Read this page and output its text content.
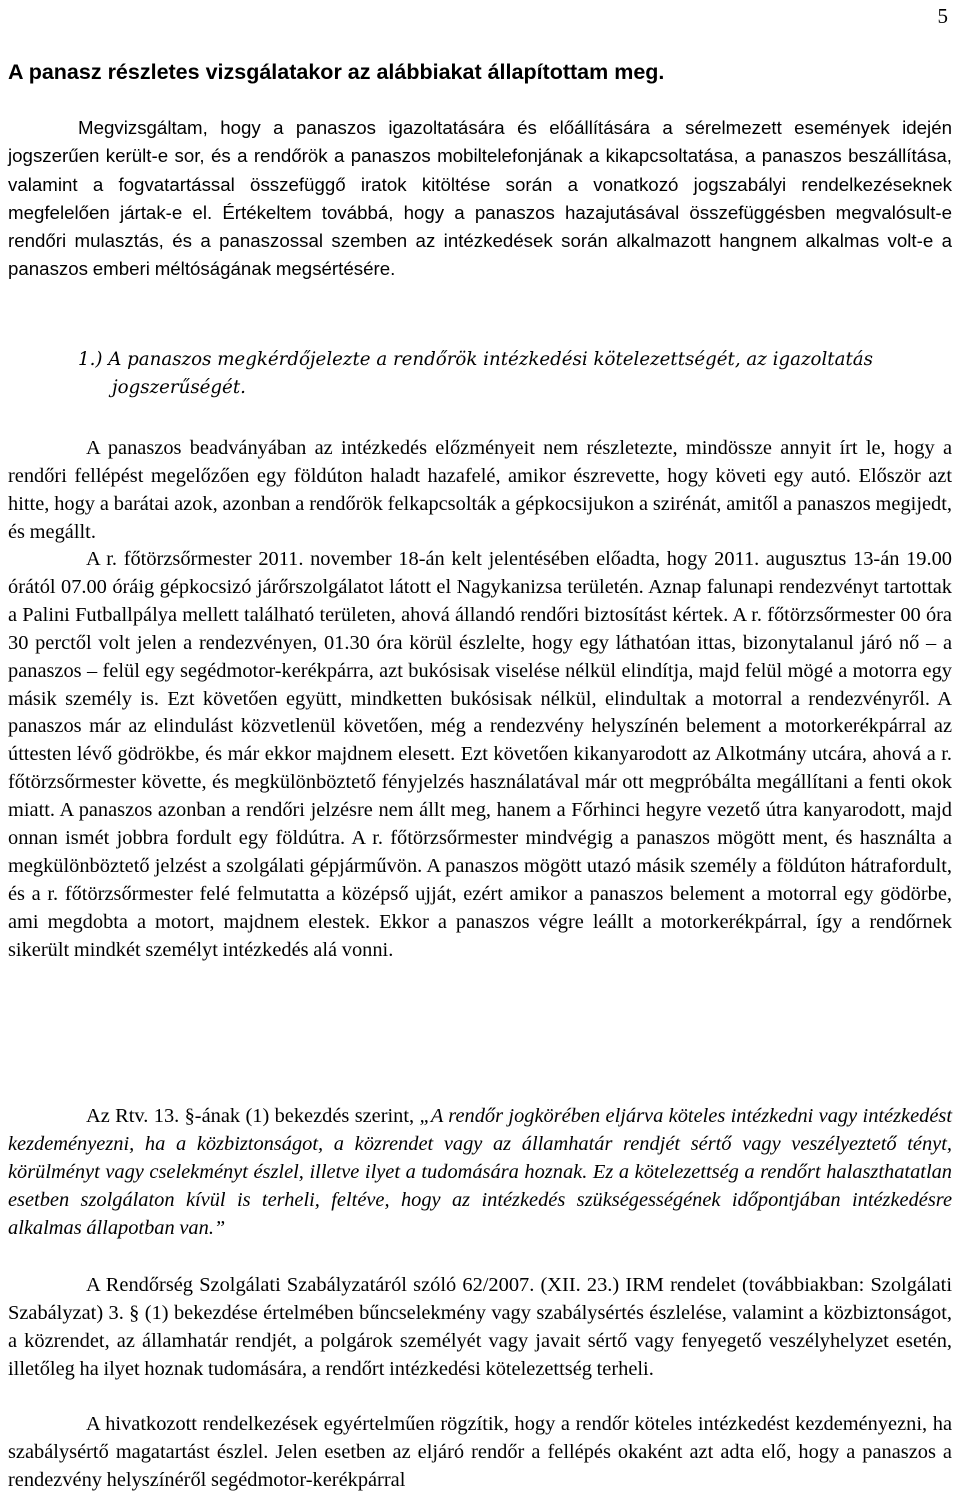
5
A panasz részletes vizsgálatakor az alábbiakat állapítottam meg.

Megvizsgáltam, hogy a panaszos igazoltatására és előállítására a sérelmezett események idején jogszerűen került-e sor, és a rendőrök a panaszos mobiltelefonjának a kikapcsoltatása, a panaszos beszállítása, valamint a fogvatartással összefüggő iratok kitöltése során a vonatkozó jogszabályi rendelkezéseknek megfelelően jártak-e el. Értékeltem továbbá, hogy a panaszos hazajutásával összefüggésben megvalósult-e rendőri mulasztás, és a panaszossal szemben az intézkedések során alkalmazott hangnem alkalmas volt-e a panaszos emberi méltóságának megsértésére.

1.) A panaszos megkérdőjelezte a rendőrök intézkedési kötelezettségét, az igazoltatás
jogszerűségét.

A panaszos beadványában az intézkedés előzményeit nem részletezte, mindössze annyit írt le, hogy a rendőri fellépést megelőzően egy földúton haladt hazafelé, amikor észrevette, hogy követi egy autó. Először azt hitte, hogy a barátai azok, azonban a rendőrök felkapcsolták a gépkocsijukon a szirénát, amitől a panaszos megijedt, és megállt.

A r. főtörzsőrmester 2011. november 18-án kelt jelentésében előadta, hogy 2011. augusztus 13-án 19.00 órától 07.00 óráig gépkocsizó járőrszolgálatot látott el Nagykanizsa területén. Aznap falunapi rendezvényt tartottak a Palini Futballpálya mellett található területen, ahová állandó rendőri biztosítást kértek. A r. főtörzsőrmester 00 óra 30 perctől volt jelen a rendezvényen, 01.30 óra körül észlelte, hogy egy láthatóan ittas, bizonytalanul járó nő – a panaszos – felül egy segédmotor-kerékpárra, azt bukósisak viselése nélkül elindítja, majd felül mögé a motorra egy másik személy is. Ezt követően együtt, mindketten bukósisak nélkül, elindultak a motorral a rendezvényről. A panaszos már az elindulást közvetlenül követően, még a rendezvény helyszínén belement a motorkerékpárral az úttesten lévő gödrökbe, és már ekkor majdnem elesett. Ezt követően kikanyarodott az Alkotmány utcára, ahová a r. főtörzsőrmester követte, és megkülönböztető fényjelzés használatával már ott megpróbálta megállítani a fenti okok miatt. A panaszos azonban a rendőri jelzésre nem állt meg, hanem a Főrhinci hegyre vezető útra kanyarodott, majd onnan ismét jobbra fordult egy földútra. A r. főtörzsőrmester mindvégig a panaszos mögött ment, és használta a megkülönböztető jelzést a szolgálati gépjárművön. A panaszos mögött utazó másik személy a földúton hátrafordult, és a r. főtörzsőrmester felé felmutatta a középső ujját, ezért amikor a panaszos belement a motorral egy gödörbe, ami megdobta a motort, majdnem elestek. Ekkor a panaszos végre leállt a motorkerékpárral, így a rendőrnek sikerült mindkét személyt intézkedés alá vonni.

Az Rtv. 13. §-ának (1) bekezdés szerint, „A rendőr jogkörében eljárva köteles intézkedni vagy intézkedést kezdeményezni, ha a közbiztonságot, a közrendet vagy az államhatár rendjét sértő vagy veszélyeztető tényt, körülményt vagy cselekményt észlel, illetve ilyet a tudomására hoznak. Ez a kötelezettség a rendőrt halaszthatatlan esetben szolgálaton kívül is terheli, feltéve, hogy az intézkedés szükségességének időpontjában intézkedésre alkalmas állapotban van.”

A Rendőrség Szolgálati Szabályzatáról szóló 62/2007. (XII. 23.) IRM rendelet (továbbiakban: Szolgálati Szabályzat) 3. § (1) bekezdése értelmében bűncselekmény vagy szabálysértés észlelése, valamint a közbiztonságot, a közrendet, az államhatár rendjét, a polgárok személyét vagy javait sértő vagy fenyegető veszélyhelyzet esetén, illetőleg ha ilyet hoznak tudomására, a rendőrt intézkedési kötelezettség terheli.

A hivatkozott rendelkezések egyértelműen rögzítik, hogy a rendőr köteles intézkedést kezdeményezni, ha szabálysértő magatartást észlel. Jelen esetben az eljáró rendőr a fellépés okaként azt adta elő, hogy a panaszos a rendezvény helyszínéről segédmotor-kerékpárral
